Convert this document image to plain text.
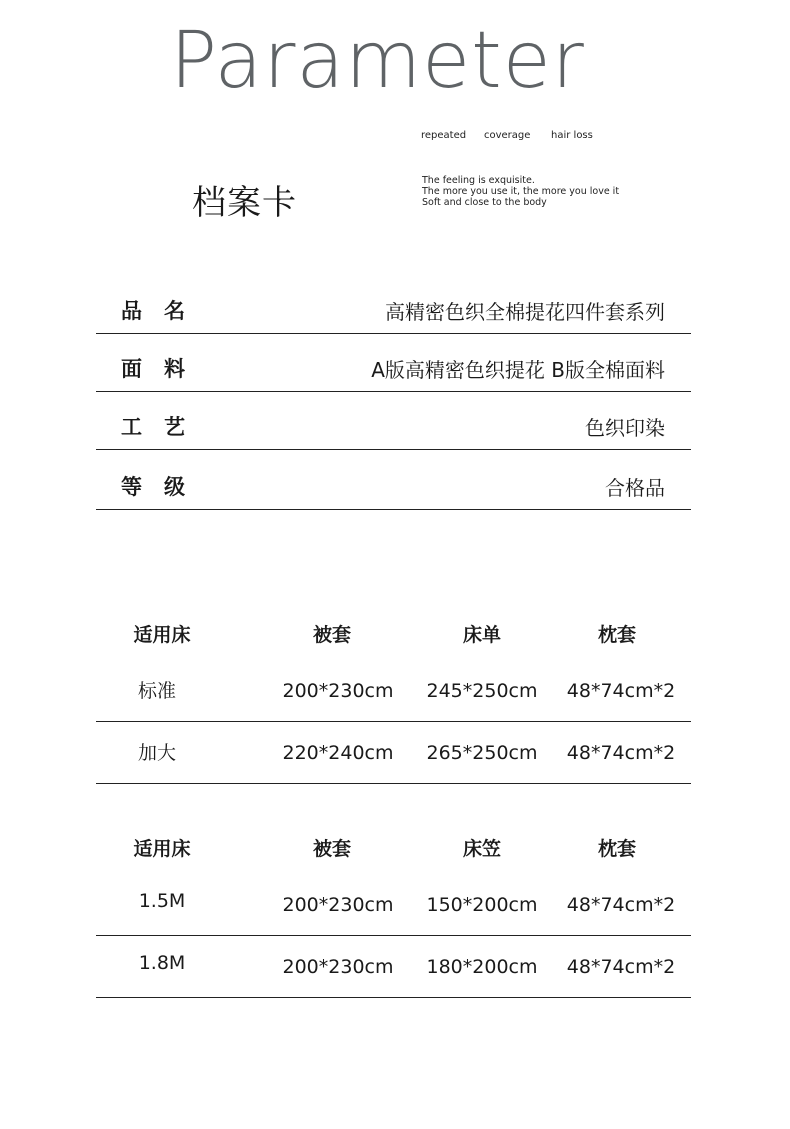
Parameter
repeated coverage hair loss
档案卡
The feeling is exquisite.
The more you use it, the more you love it
Soft and close to the body
品名	高精密色织全棉提花四件套系列
面料	A版高精密色织提花 B版全棉面料
工艺	色织印染
等级	合格品
适用床	被套	床单	枕套
标准	200*230cm 245*250cm 48*74cm*2
加大	220*240cm 265*250cm 48*74cm*2
适用床	被套	床笠	枕套
1.5M	200*230cm 150*200cm 48*74cm*2
1.8M	200*230cm 180*200cm 48*74cm*2
